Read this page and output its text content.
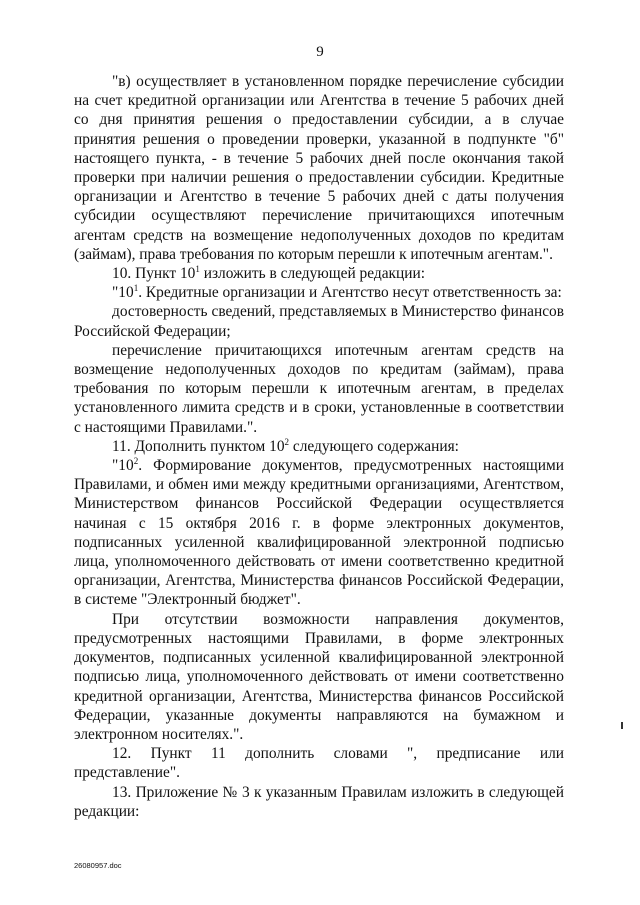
9

"в) осуществляет в установленном порядке перечисление субсидии на счет кредитной организации или Агентства в течение 5 рабочих дней со дня принятия решения о предоставлении субсидии, а в случае принятия решения о проведении проверки, указанной в подпункте "б" настоящего пункта, - в течение 5 рабочих дней после окончания такой проверки при наличии решения о предоставлении субсидии. Кредитные организации и Агентство в течение 5 рабочих дней с даты получения субсидии осуществляют перечисление причитающихся ипотечным агентам средств на возмещение недополученных доходов по кредитам (займам), права требования по которым перешли к ипотечным агентам.".

10. Пункт $10^1$ изложить в следующей редакции:

"$10^1$. Кредитные организации и Агентство несут ответственность за:

достоверность сведений, представляемых в Министерство финансов Российской Федерации;

перечисление причитающихся ипотечным агентам средств на возмещение недополученных доходов по кредитам (займам), права требования по которым перешли к ипотечным агентам, в пределах установленного лимита средств и в сроки, установленные в соответствии с настоящими Правилами.".

11. Дополнить пунктом $10^2$ следующего содержания:

"$10^2$. Формирование документов, предусмотренных настоящими Правилами, и обмен ими между кредитными организациями, Агентством, Министерством финансов Российской Федерации осуществляется начиная с 15 октября 2016 г. в форме электронных документов, подписанных усиленной квалифицированной электронной подписью лица, уполномоченного действовать от имени соответственно кредитной организации, Агентства, Министерства финансов Российской Федерации, в системе "Электронный бюджет".

При отсутствии возможности направления документов, предусмотренных настоящими Правилами, в форме электронных документов, подписанных усиленной квалифицированной электронной подписью лица, уполномоченного действовать от имени соответственно кредитной организации, Агентства, Министерства финансов Российской Федерации, указанные документы направляются на бумажном и электронном носителях.".

12. Пункт 11 дополнить словами ", предписание или представление".

13. Приложение № 3 к указанным Правилам изложить в следующей редакции:

26080957.doc
